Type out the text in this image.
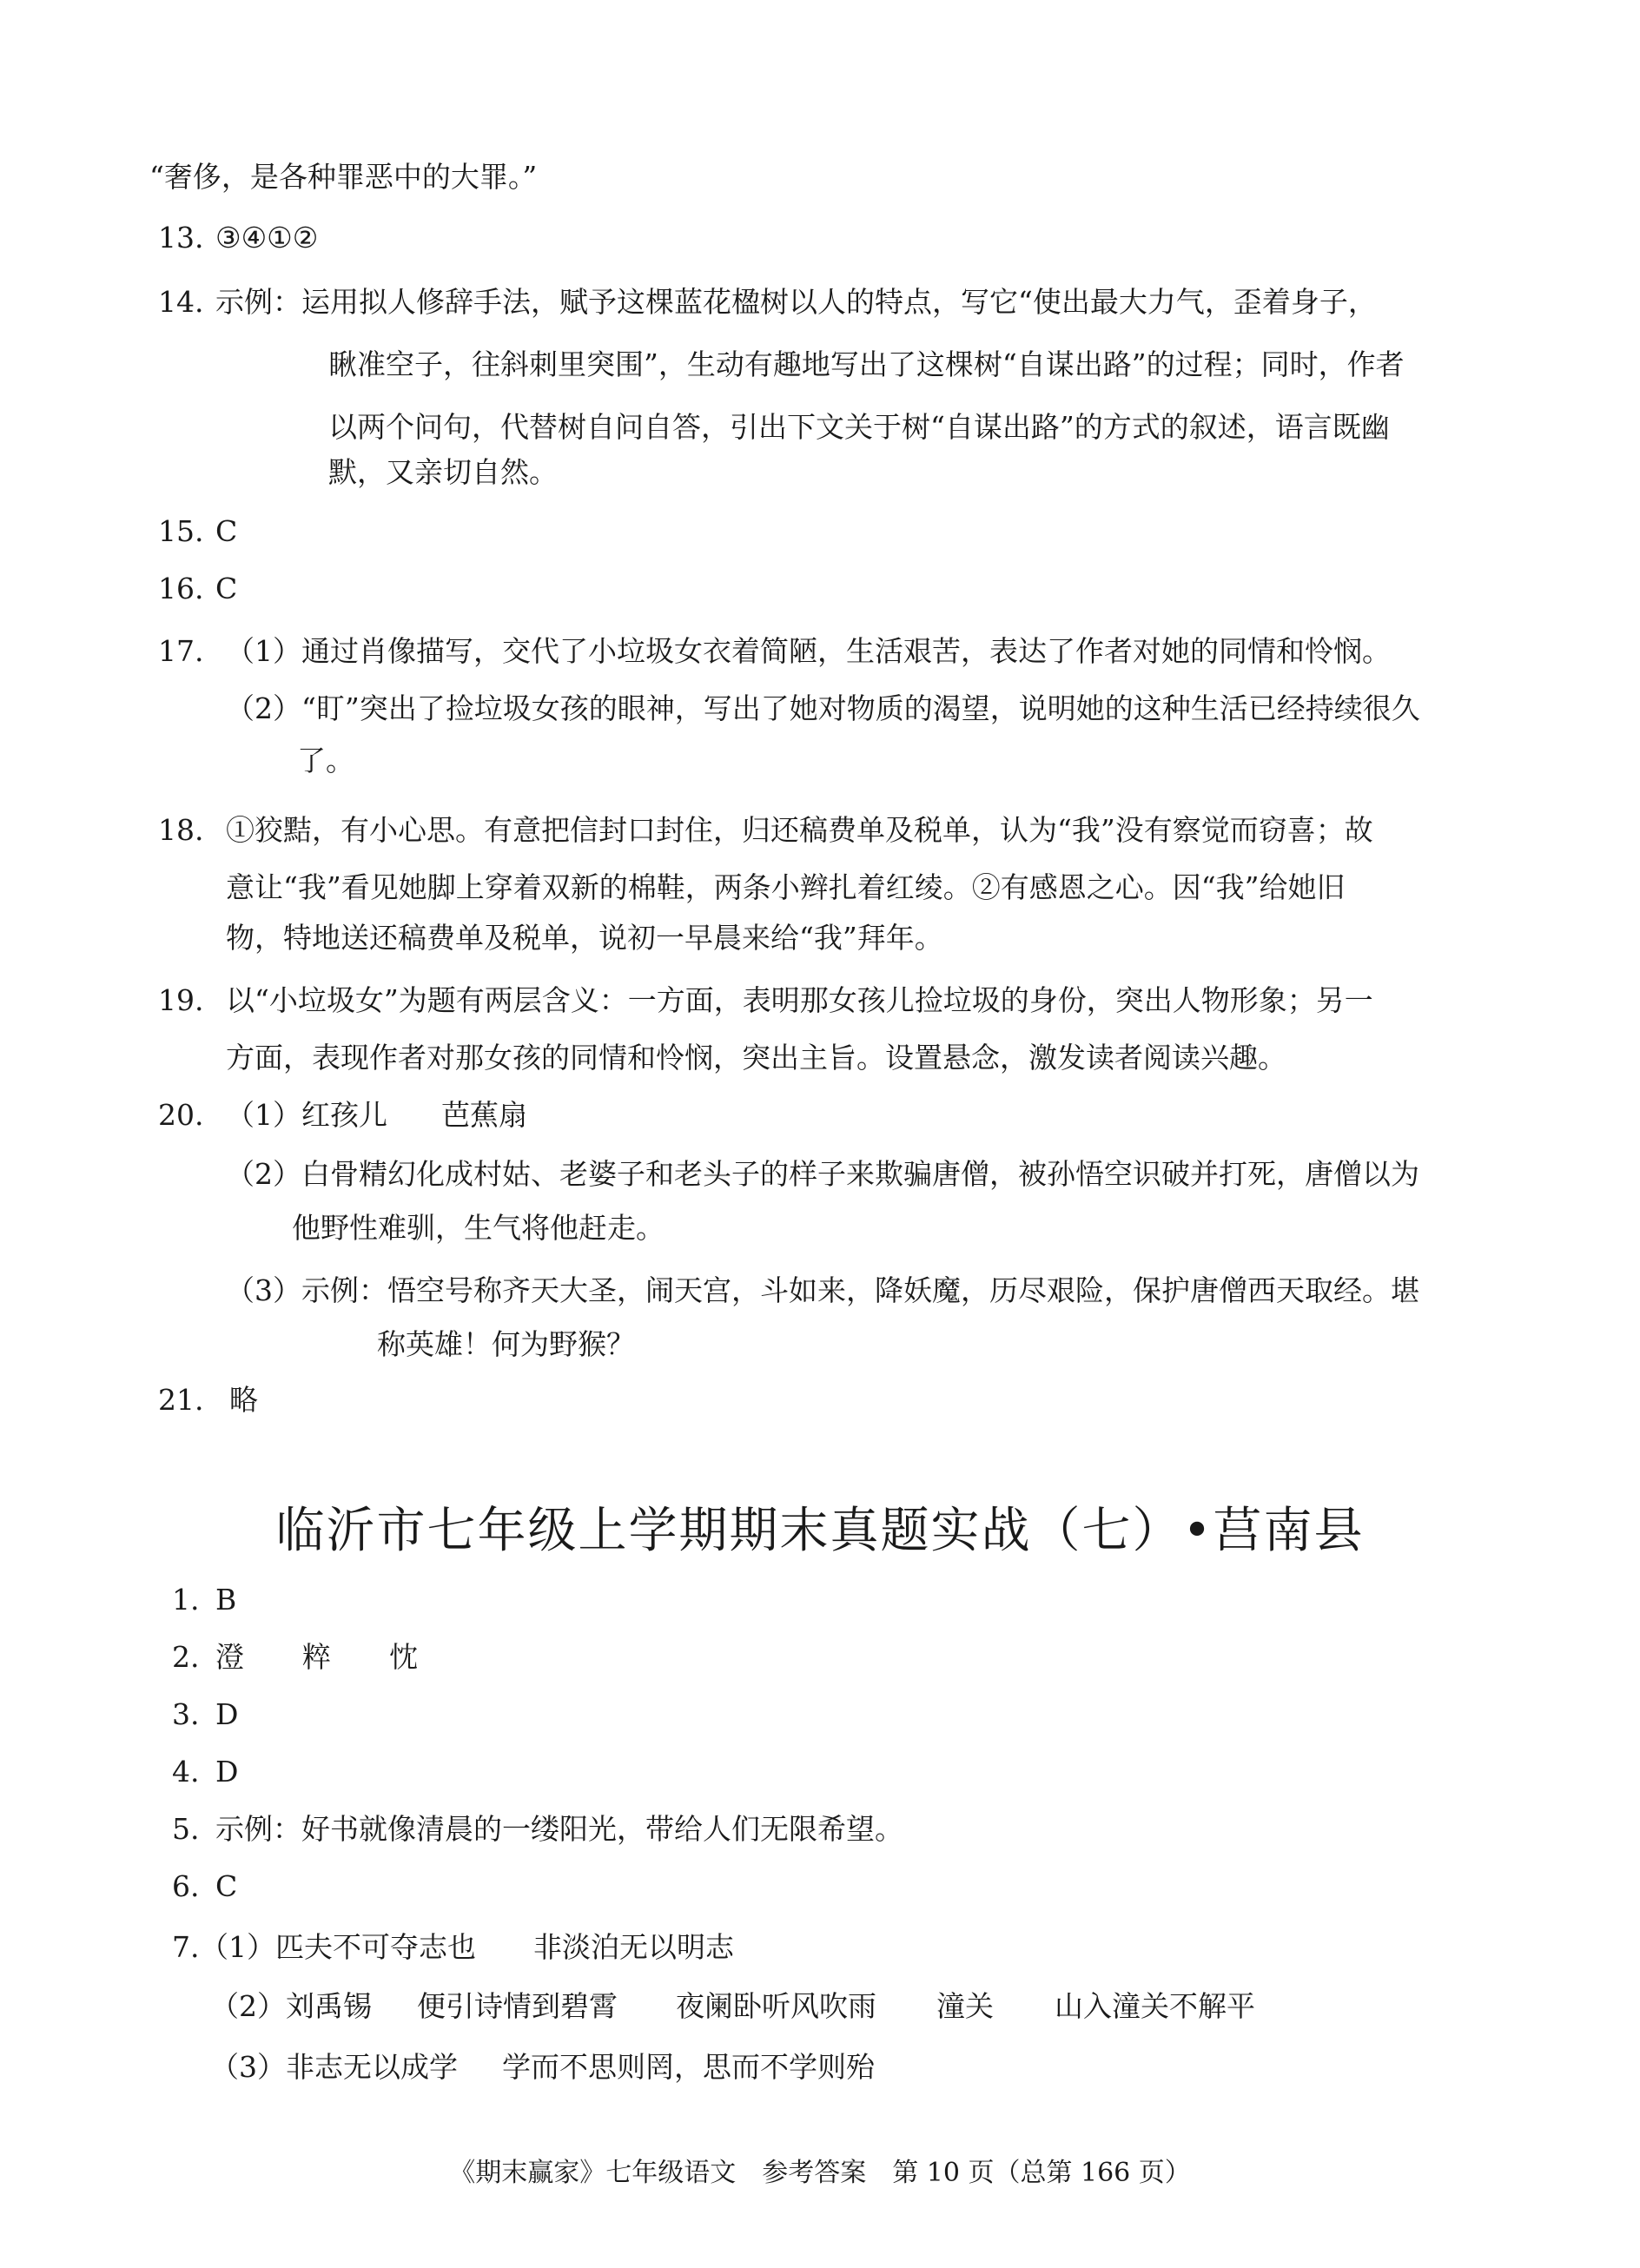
“奢侈，是各种罪恶中的大罪。”
13. ③④①②
14. 示例：运用拟人修辞手法，赋予这棵蓝花楹树以人的特点，写它“使出最大力气，歪着身子，
瞅准空子，往斜刺里突围”，生动有趣地写出了这棵树“自谋出路”的过程；同时，作者
以两个问句，代替树自问自答，引出下文关于树“自谋出路”的方式的叙述，语言既幽
默，又亲切自然。
15. C
16. C
17. （1）通过肖像描写，交代了小垃圾女衣着简陋，生活艰苦，表达了作者对她的同情和怜悯。
（2）“盯”突出了捡垃圾女孩的眼神，写出了她对物质的渴望，说明她的这种生活已经持续很久
了。
18. ①狡黠，有小心思。有意把信封口封住，归还稿费单及税单，认为“我”没有察觉而窃喜；故
意让“我”看见她脚上穿着双新的棉鞋，两条小辫扎着红绫。②有感恩之心。因“我”给她旧
物，特地送还稿费单及税单，说初一早晨来给“我”拜年。
19. 以“小垃圾女”为题有两层含义：一方面，表明那女孩儿捡垃圾的身份，突出人物形象；另一
方面，表现作者对那女孩的同情和怜悯，突出主旨。设置悬念，激发读者阅读兴趣。
20. （1）红孩儿 芭蕉扇
（2）白骨精幻化成村姑、老婆子和老头子的样子来欺骗唐僧，被孙悟空识破并打死，唐僧以为
他野性难驯，生气将他赶走。
（3）示例：悟空号称齐天大圣，闹天宫，斗如来，降妖魔，历尽艰险，保护唐僧西天取经。堪
称英雄！何为野猴？
21. 略
临沂市七年级上学期期末真题实战（七）•莒南县
1. B
2. 澄 粹 忱
3. D
4. D
5. 示例：好书就像清晨的一缕阳光，带给人们无限希望。
6. C
7. （1）匹夫不可夺志也 非淡泊无以明志
（2）刘禹锡 便引诗情到碧霄 夜阑卧听风吹雨 潼关 山入潼关不解平
（3）非志无以成学 学而不思则罔，思而不学则殆
《期末赢家》七年级语文　参考答案　第 10 页（总第 166 页）
